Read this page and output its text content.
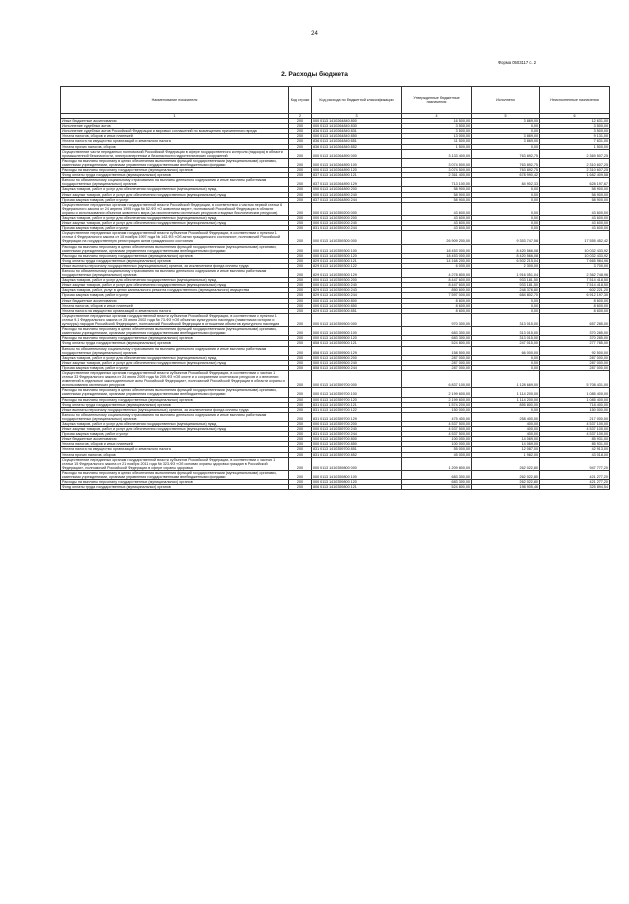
24
Форма 0503117 с. 2
2. Расходы бюджета
Наименование показателя	Код строки	Код расхода по бюджетной классификации	Утвержденные бюджетные назначения	Исполнено	Неисполненные назначения
1	2	3	4	5	6
Иные бюджетные ассигнования	200	000 0113 1410264840 800	16 500,00	3 869,00	12 631,00
Исполнение судебных актов	200	000 0113 1410264840 830	3 500,00	0,00	3 500,00
Исполнение судебных актов Российской Федерации и мировых соглашений по возмещению причиненного вреда	200	836 0113 1410264840 831	3 500,00	0,00	3 500,00
Уплата налогов, сборов и иных платежей	200	000 0113 1410264840 850	13 000,00	3 869,00	9 131,00
Уплата налога на имущество организаций и земельного налога	200	836 0113 1410264840 851	11 500,00	3 869,00	7 631,00
Уплата прочих налогов, сборов	200	836 0113 1410264840 852	1 500,00	0,00	1 500,00
Осуществление части переданных полномочий Российской Федерации в сфере государственного контроля (надзора) в области промышленной безопасности, электроэнергетики и безопасности гидротехнических сооружений	200	000 0113 1410264890 000	3 133 400,00	763 892,75	2 369 507,25
Расходы на выплаты персоналу в целях обеспечения выполнения функций государственными (муниципальными) органами, казенными учреждениями, органами управления государственными внебюджетными фондами	200	000 0113 1410264890 100	3 074 500,00	763 892,75	2 310 607,25
Расходы на выплаты персоналу государственных (муниципальных) органов	200	000 0113 1410264890 120	3 074 500,00	763 892,75	2 310 607,25
Фонд оплаты труда государственных (муниципальных) органов	200	837 0113 1410264890 121	2 361 400,00	678 990,42	1 682 409,58
Взносы по обязательному социальному страхованию на выплаты денежного содержания и иные выплаты работникам государственных (муниципальных) органов	200	837 0113 1410264890 129	713 100,00	84 902,33	628 197,67
Закупка товаров, работ и услуг для обеспечения государственных (муниципальных) нужд	200	000 0113 1410264890 200	58 900,00	0,00	58 900,00
Иные закупки товаров, работ и услуг для обеспечения государственных (муниципальных) нужд	200	000 0113 1410264890 240	58 900,00	0,00	58 900,00
Прочая закупка товаров, работ и услуг	200	837 0113 1410264890 244	58 900,00	0,00	58 900,00
Осуществление переданных органам государственной власти Российской Федерации, в соответствии с частью первой статьи 6 Федерального закона от 24 апреля 1995 года № 52-ФЗ «О животном мире», полномочий Российской Федерации в области охраны и использования объектов животного мира (за исключением охотничьих ресурсов и водных биологических ресурсов)	200	000 0113 1410359200 000	43 600,00	0,00	43 600,00
Закупка товаров, работ и услуг для обеспечения государственных (муниципальных) нужд	200	000 0113 1410359200 200	43 600,00	0,00	43 600,00
Иные закупки товаров, работ и услуг для обеспечения государственных (муниципальных) нужд	200	000 0113 1410359200 240	43 600,00	0,00	43 600,00
Прочая закупка товаров, работ и услуг	200	831 0113 1410359200 244	43 600,00	0,00	43 600,00
Осуществление переданных органам государственной власти субъектов Российской Федерации, в соответствии с пунктом 1 статьи 4 Федерального закона от 15 ноября 1997 года № 143-ФЗ «Об актах гражданского состояния», полномочий Российской Федерации на государственную регистрацию актов гражданского состояния	200	000 0113 1410359300 000	26 909 200,00	9 353 747,58	17 555 452,42
Расходы на выплаты персоналу в целях обеспечения выполнения функций государственными (муниципальными) органами, казенными учреждениями, органами управления государственными внебюджетными фондами	200	000 0113 1410359300 100	18 453 000,00	8 420 566,08	10 032 433,92
Расходы на выплаты персоналу государственных (муниципальных) органов	200	000 0113 1410359300 120	18 453 000,00	8 420 566,08	10 032 433,92
Фонд оплаты труда государственных (муниципальных) органов	200	829 0113 1410359300 121	14 168 200,00	6 502 215,04	7 665 984,96
Иные выплаты персоналу государственных (муниципальных) органов, за исключением фонда оплаты труда	200	829 0113 1410359300 122	6 000,00	2 300,00	3 700,00
Взносы по обязательному социальному страхованию на выплаты денежного содержания и иные выплаты работникам государственных (муниципальных) органов	200	829 0113 1410359300 129	4 278 800,00	1 916 051,04	2 362 748,96
Закупка товаров, работ и услуг для обеспечения государственных (муниципальных) нужд	200	000 0113 1410359300 200	8 447 600,00	933 181,50	7 514 418,50
Иные закупки товаров, работ и услуг для обеспечения государственных (муниципальных) нужд	200	000 0113 1410359300 240	8 447 600,00	933 181,50	7 514 418,50
Закупка товаров, работ, услуг в целях капитального ремонта государственного (муниципального) имущества	200	829 0113 1410359300 243	850 600,00	248 378,80	602 221,20
Прочая закупка товаров, работ и услуг	200	829 0113 1410359300 244	7 597 000,00	684 802,70	6 912 197,30
Иные бюджетные ассигнования	200	000 0113 1410359300 800	8 600,00	0,00	8 600,00
Уплата налогов, сборов и иных платежей	200	000 0113 1410359300 850	8 600,00	0,00	8 600,00
Уплата налога на имущество организаций и земельного налога	200	829 0113 1410359300 851	8 600,00	0,00	8 600,00
Осуществление переданных органам государственной власти субъектов Российской Федерации, в соответствии с пунктом 1 статьи 9.1 Федерального закона от 25 июня 2002 года № 73-ФЗ «Об объектах культурного наследия (памятниках истории и культуры) народов Российской Федерации», полномочий Российской Федерации в отношении объектов культурного наследия	200	000 0113 1410359500 000	970 300,00	313 015,00	657 285,00
Расходы на выплаты персоналу в целях обеспечения выполнения функций государственными (муниципальными) органами, казенными учреждениями, органами управления государственными внебюджетными фондами	200	000 0113 1410359500 100	683 300,00	313 015,00	370 285,00
Расходы на выплаты персоналу государственных (муниципальных) органов	200	000 0113 1410359500 120	683 300,00	313 015,00	370 285,00
Фонд оплаты труда государственных (муниципальных) органов	200	858 0113 1410359500 121	524 800,00	247 015,00	277 785,00
Взносы по обязательному социальному страхованию на выплаты денежного содержания и иные выплаты работникам государственных (муниципальных) органов	200	858 0113 1410359500 129	158 500,00	66 000,00	92 500,00
Закупка товаров, работ и услуг для обеспечения государственных (муниципальных) нужд	200	000 0113 1410359500 200	287 000,00	0,00	287 000,00
Иные закупки товаров, работ и услуг для обеспечения государственных (муниципальных) нужд	200	000 0113 1410359500 240	287 000,00	0,00	287 000,00
Прочая закупка товаров, работ и услуг	200	858 0113 1410359500 244	287 000,00	0,00	287 000,00
Осуществление переданных органам государственной власти субъектов Российской Федерации, в соответствии с частью 1 статьи 33 Федерального закона от 24 июля 2009 года № 209-ФЗ «Об охоте и о сохранении охотничьих ресурсов и о внесении изменений в отдельные законодательные акты Российской Федерации», полномочий Российской Федерации в области охраны и использования охотничьих ресурсов	200	000 0113 1410359700 000	6 837 100,00	1 128 669,00	5 708 431,00
Расходы на выплаты персоналу в целях обеспечения выполнения функций государственными (муниципальными) органами, казенными учреждениями, органами управления государственными внебюджетными фондами	200	000 0113 1410359700 100	2 199 600,00	1 114 200,00	1 085 400,00
Расходы на выплаты персоналу государственных (муниципальных) органов	200	000 0113 1410359700 120	2 199 600,00	1 114 200,00	1 085 400,00
Фонд оплаты труда государственных (муниципальных) органов	200	831 0113 1410359700 121	1 574 200,00	855 800,00	718 400,00
Иные выплаты персоналу государственных (муниципальных) органов, за исключением фонда оплаты труда	200	831 0113 1410359700 122	150 000,00	0,00	150 000,00
Взносы по обязательному социальному страхованию на выплаты денежного содержания и иные выплаты работникам государственных (муниципальных) органов	200	831 0113 1410359700 129	475 400,00	258 400,00	217 000,00
Закупка товаров, работ и услуг для обеспечения государственных (муниципальных) нужд	200	000 0113 1410359700 200	4 537 500,00	400,00	4 537 100,00
Иные закупки товаров, работ и услуг для обеспечения государственных (муниципальных) нужд	200	000 0113 1410359700 240	4 537 500,00	400,00	4 537 100,00
Прочая закупка товаров, работ и услуг	200	831 0113 1410359700 244	4 537 500,00	400,00	4 537 100,00
Иные бюджетные ассигнования	200	000 0113 1410359700 800	100 000,00	14 069,00	85 931,00
Уплата налогов, сборов и иных платежей	200	000 0113 1410359700 850	100 000,00	14 069,00	85 931,00
Уплата налога на имущество организаций и земельного налога	200	831 0113 1410359700 851	55 000,00	12 087,00	42 913,00
Уплата прочих налогов, сборов	200	831 0113 1410359700 852	45 000,00	1 982,00	43 018,00
Осуществление переданных органам государственной власти субъектов Российской Федерации, в соответствии с частью 1 статьи 15 Федерального закона от 21 ноября 2011 года № 323-ФЗ «Об основах охраны здоровья граждан в Российской Федерации», полномочий Российской Федерации в сфере охраны здоровья	200	000 0113 1410359800 000	1 209 800,00	262 022,80	947 777,20
Расходы на выплаты персоналу в целях обеспечения выполнения функций государственными (муниципальными) органами, казенными учреждениями, органами управления государственными внебюджетными фондами	200	000 0113 1410359800 100	683 300,00	262 022,80	421 277,20
Расходы на выплаты персоналу государственных (муниципальных) органов	200	000 0113 1410359800 120	683 300,00	262 022,80	421 277,20
Фонд оплаты труда государственных (муниципальных) органов	200	806 0113 1410359800 121	524 800,00	198 905,46	325 894,54
